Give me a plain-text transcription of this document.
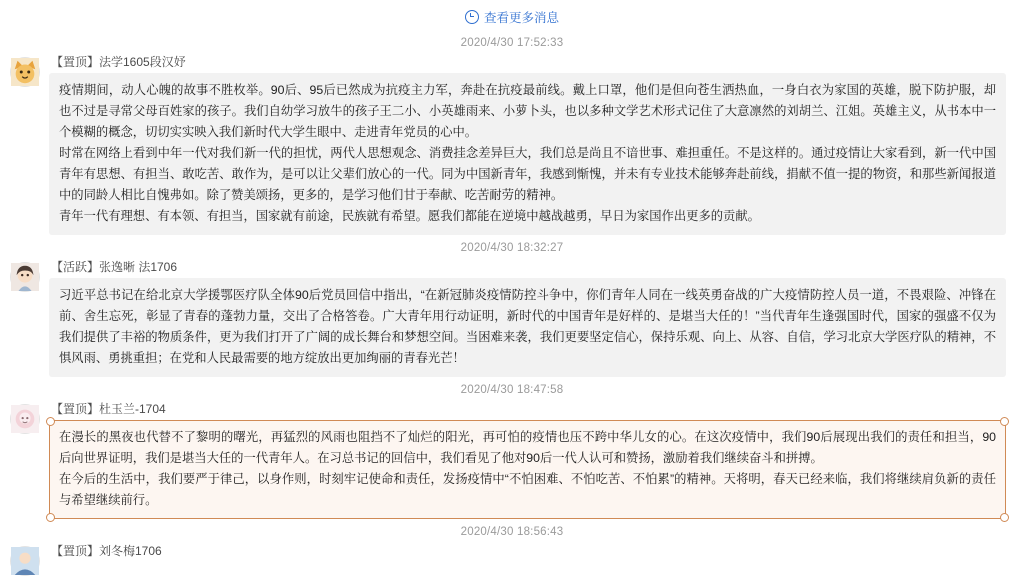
查看更多消息
2020/4/30 17:52:33
【置顶】法学1605段汉妤

疫情期间，动人心魄的故事不胜枚举。90后、95后已然成为抗疫主力军，奔赴在抗疫最前线。戴上口罩，他们是但向苍生洒热血，一身白衣为家国的英雄，脱下防护服，却也不过是寻常父母百姓家的孩子。我们自幼学习放牛的孩子王二小、小英雄雨来、小萝卜头，也以多种文学艺术形式记住了大意凛然的刘胡兰、江姐。英雄主义，从书本中一个模糊的概念，切切实实映入我们新时代大学生眼中、走进青年党员的心中。

时常在网络上看到中年一代对我们新一代的担忧，两代人思想观念、消费挂念差异巨大，我们总是尚且不谙世事、难担重任。不是这样的。通过疫情让大家看到，新一代中国青年有思想、有担当、敢吃苦、敢作为，是可以让父辈们放心的一代。同为中国新青年，我感到惭愧，并未有专业技术能够奔赴前线，捐献不值一提的物资，和那些新闻报道中的同龄人相比自愧弗如。除了赞美颂扬，更多的，是学习他们甘于奉献、吃苦耐劳的精神。

青年一代有理想、有本领、有担当，国家就有前途，民族就有希望。愿我们都能在逆境中越战越勇，早日为家国作出更多的贡献。

2020/4/30 18:32:27
【活跃】张逸晰 法1706

习近平总书记在给北京大学援鄂医疗队全体90后党员回信中指出，“在新冠肺炎疫情防控斗争中，你们青年人同在一线英勇奋战的广大疫情防控人员一道，不畏艰险、冲锋在前、舍生忘死，彰显了青春的蓬勃力量，交出了合格答卷。广大青年用行动证明，新时代的中国青年是好样的、是堪当大任的！”当代青年生逢强国时代，国家的强盛不仅为我们提供了丰裕的物质条件，更为我们打开了广阔的成长舞台和梦想空间。当困难来袭，我们更要坚定信心，保持乐观、向上、从容、自信，学习北京大学医疗队的精神，不惧风雨、勇挑重担；在党和人民最需要的地方绽放出更加绚丽的青春光芒！

2020/4/30 18:47:58
【置顶】杜玉兰-1704

在漫长的黑夜也代替不了黎明的曙光，再猛烈的风雨也阻挡不了灿烂的阳光，再可怕的疫情也压不跨中华儿女的心。在这次疫情中，我们90后展现出我们的责任和担当，90后向世界证明，我们是堪当大任的一代青年人。在习总书记的回信中，我们看见了他对90后一代人认可和赞扬，激励着我们继续奋斗和拼搏。

在今后的生活中，我们要严于律己，以身作则，时刻牢记使命和责任，发扬疫情中“不怕困难、不怕吃苦、不怕累”的精神。天将明，春天已经来临，我们将继续肩负新的责任与希望继续前行。

2020/4/30 18:56:43
【置顶】刘冬梅1706
